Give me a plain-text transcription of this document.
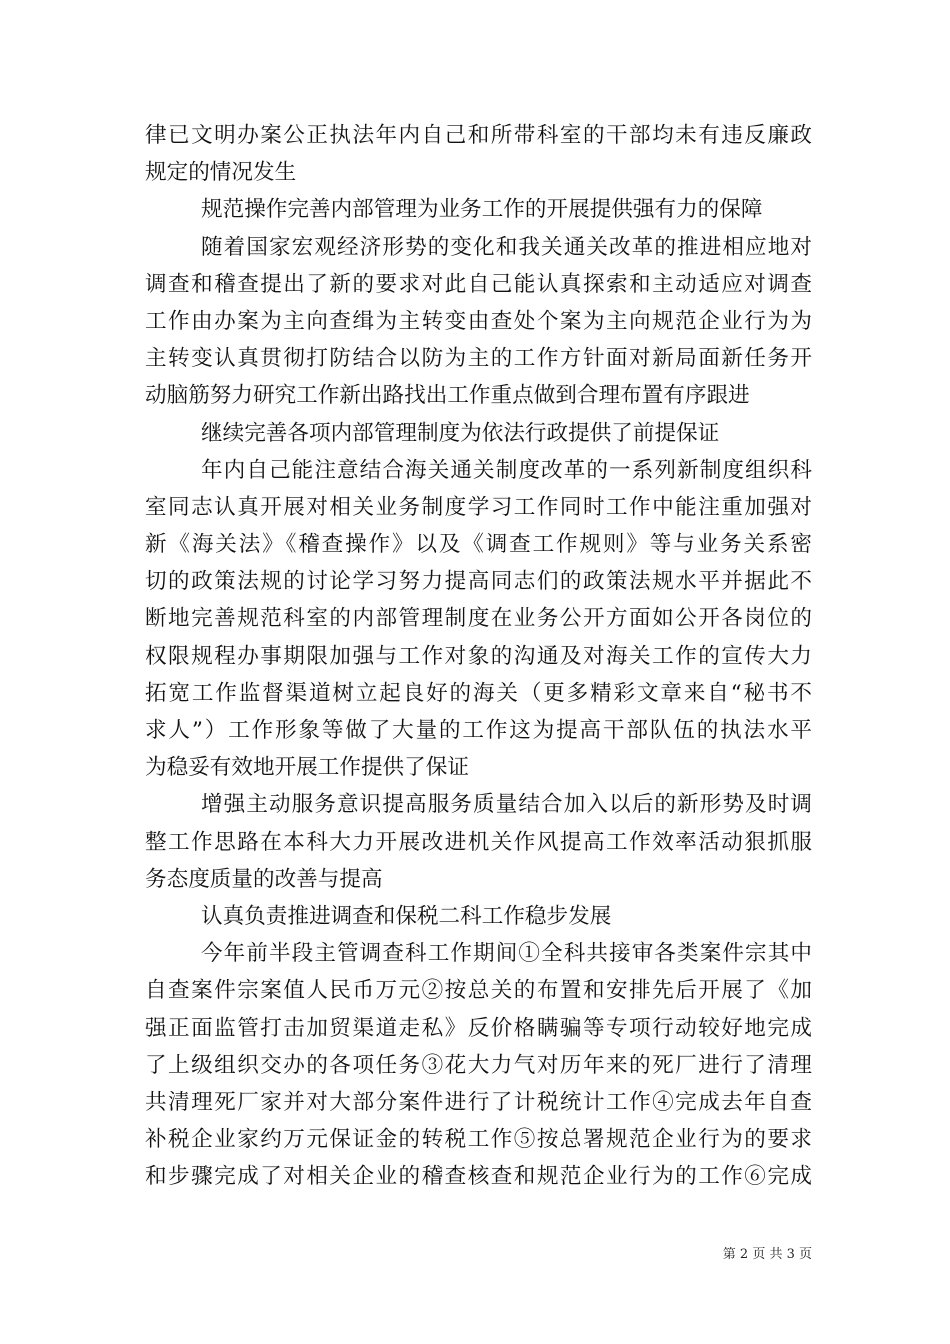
律已文明办案公正执法年内自己和所带科室的干部均未有违反廉政
规定的情况发生
规范操作完善内部管理为业务工作的开展提供强有力的保障
随着国家宏观经济形势的变化和我关通关改革的推进相应地对
调查和稽查提出了新的要求对此自己能认真探索和主动适应对调查
工作由办案为主向查缉为主转变由查处个案为主向规范企业行为为
主转变认真贯彻打防结合以防为主的工作方针面对新局面新任务开
动脑筋努力研究工作新出路找出工作重点做到合理布置有序跟进
继续完善各项内部管理制度为依法行政提供了前提保证
年内自己能注意结合海关通关制度改革的一系列新制度组织科
室同志认真开展对相关业务制度学习工作同时工作中能注重加强对
新《海关法》《稽查操作》以及《调查工作规则》等与业务关系密
切的政策法规的讨论学习努力提高同志们的政策法规水平并据此不
断地完善规范科室的内部管理制度在业务公开方面如公开各岗位的
权限规程办事期限加强与工作对象的沟通及对海关工作的宣传大力
拓宽工作监督渠道树立起良好的海关（更多精彩文章来自“秘书不
求人”）工作形象等做了大量的工作这为提高干部队伍的执法水平
为稳妥有效地开展工作提供了保证
增强主动服务意识提高服务质量结合加入以后的新形势及时调
整工作思路在本科大力开展改进机关作风提高工作效率活动狠抓服
务态度质量的改善与提高
认真负责推进调查和保税二科工作稳步发展
今年前半段主管调查科工作期间①全科共接审各类案件宗其中
自查案件宗案值人民币万元②按总关的布置和安排先后开展了《加
强正面监管打击加贸渠道走私》反价格瞒骗等专项行动较好地完成
了上级组织交办的各项任务③花大力气对历年来的死厂进行了清理
共清理死厂家并对大部分案件进行了计税统计工作④完成去年自查
补税企业家约万元保证金的转税工作⑤按总署规范企业行为的要求
和步骤完成了对相关企业的稽查核查和规范企业行为的工作⑥完成
第 2 页 共 3 页
